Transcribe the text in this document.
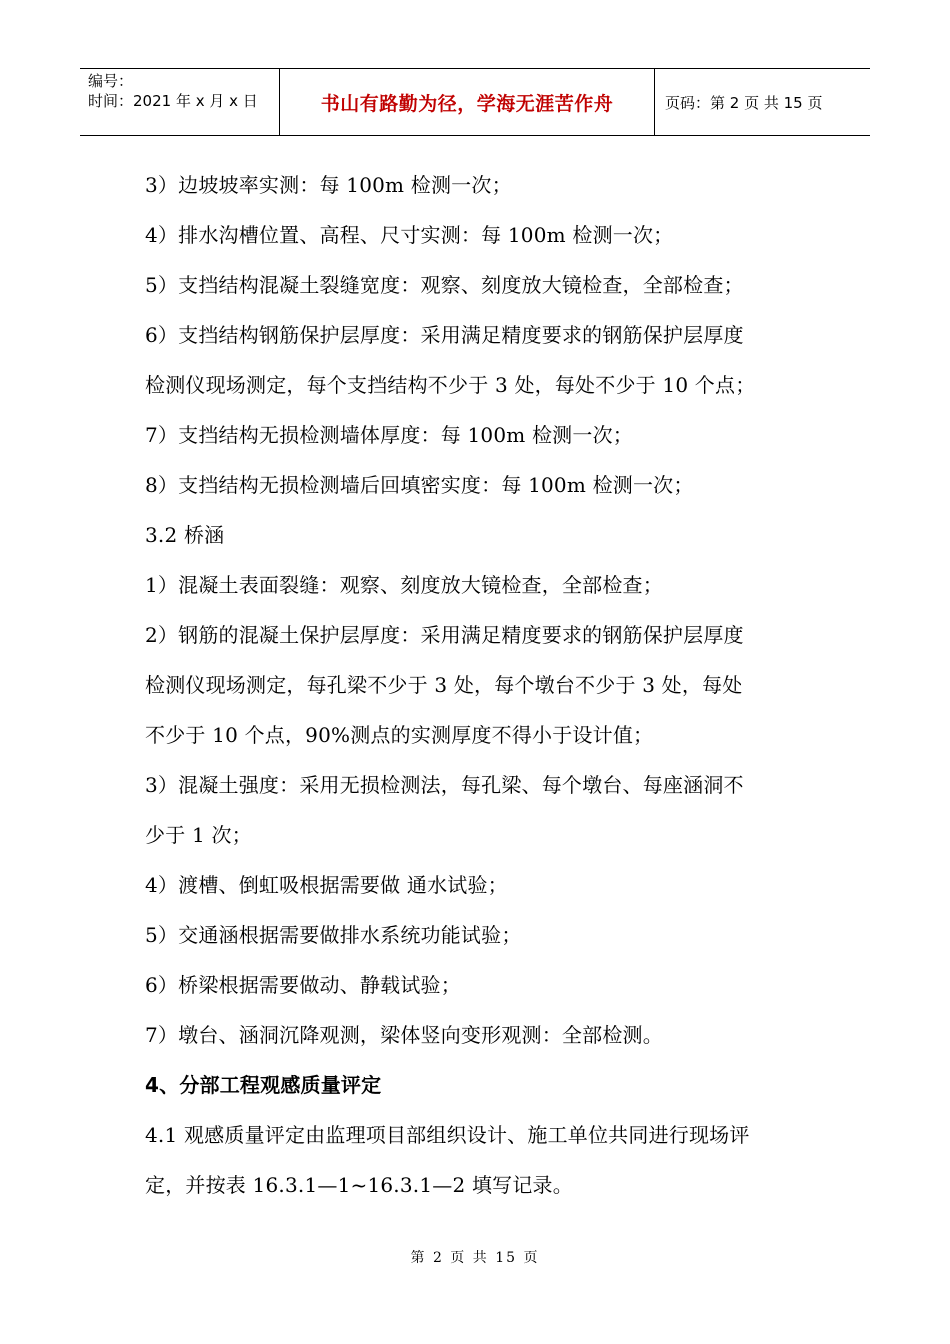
编号：
时间：2021 年 x 月 x 日	书山有路勤为径，学海无涯苦作舟	页码：第 2 页 共 15 页
3）边坡坡率实测：每 100m 检测一次；
4）排水沟槽位置、高程、尺寸实测：每 100m 检测一次；
5）支挡结构混凝土裂缝宽度：观察、刻度放大镜检查，全部检查；
6）支挡结构钢筋保护层厚度：采用满足精度要求的钢筋保护层厚度
检测仪现场测定，每个支挡结构不少于 3 处，每处不少于 10 个点；
7）支挡结构无损检测墙体厚度：每 100m 检测一次；
8）支挡结构无损检测墙后回填密实度：每 100m 检测一次；
3.2 桥涵
1）混凝土表面裂缝：观察、刻度放大镜检查，全部检查；
2）钢筋的混凝土保护层厚度：采用满足精度要求的钢筋保护层厚度
检测仪现场测定，每孔梁不少于 3 处，每个墩台不少于 3 处，每处
不少于 10 个点，90%测点的实测厚度不得小于设计值；
3）混凝土强度：采用无损检测法，每孔梁、每个墩台、每座涵洞不
少于 1 次；
4）渡槽、倒虹吸根据需要做 通水试验；
5）交通涵根据需要做排水系统功能试验；
6）桥梁根据需要做动、静载试验；
7）墩台、涵洞沉降观测，梁体竖向变形观测：全部检测。
4、分部工程观感质量评定
4.1 观感质量评定由监理项目部组织设计、施工单位共同进行现场评
定，并按表 16.3.1—1~16.3.1—2 填写记录。
第 2 页 共 15 页
